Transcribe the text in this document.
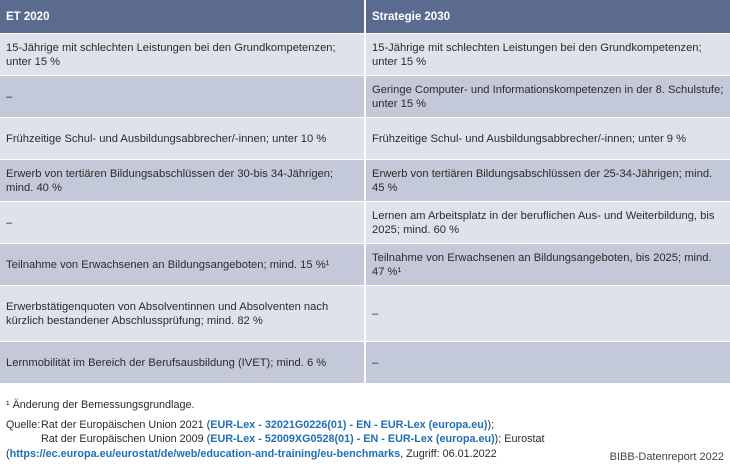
ET 2020	Strategie 2030
15-Jährige mit schlechten Leistungen bei den Grundkompetenzen; unter 15 %	15-Jährige mit schlechten Leistungen bei den Grundkompetenzen; unter 15 %
–	Geringe Computer- und Informationskompetenzen in der 8. Schulstufe; unter 15 %
Frühzeitige Schul- und Ausbildungsabbrecher/-innen; unter 10 %	Frühzeitige Schul- und Ausbildungsabbrecher/-innen; unter 9 %
Erwerb von tertiären Bildungsabschlüssen der 30-bis 34-Jährigen; mind. 40 %	Erwerb von tertiären Bildungsabschlüssen der 25-34-Jährigen; mind. 45 %
–	Lernen am Arbeitsplatz in der beruflichen Aus- und Weiterbildung, bis 2025; mind. 60 %
Teilnahme von Erwachsenen an Bildungsangeboten; mind. 15 %¹	Teilnahme von Erwachsenen an Bildungsangeboten, bis 2025; mind. 47 %¹
Erwerbstätigenquoten von Absolventinnen und Absolventen nach kürzlich bestandener Abschlussprüfung; mind. 82 %	–
Lernmobilität im Bereich der Berufsausbildung (IVET); mind. 6 %	–
¹ Änderung der Bemessungsgrundlage.
Quelle: Rat der Europäischen Union 2021 (EUR-Lex - 32021G0226(01) - EN - EUR-Lex (europa.eu));
Rat der Europäischen Union 2009 (EUR-Lex - 52009XG0528(01) - EN - EUR-Lex (europa.eu)); Eurostat
(https://ec.europa.eu/eurostat/de/web/education-and-training/eu-benchmarks, Zugriff: 06.01.2022	BIBB-Datenreport 2022
